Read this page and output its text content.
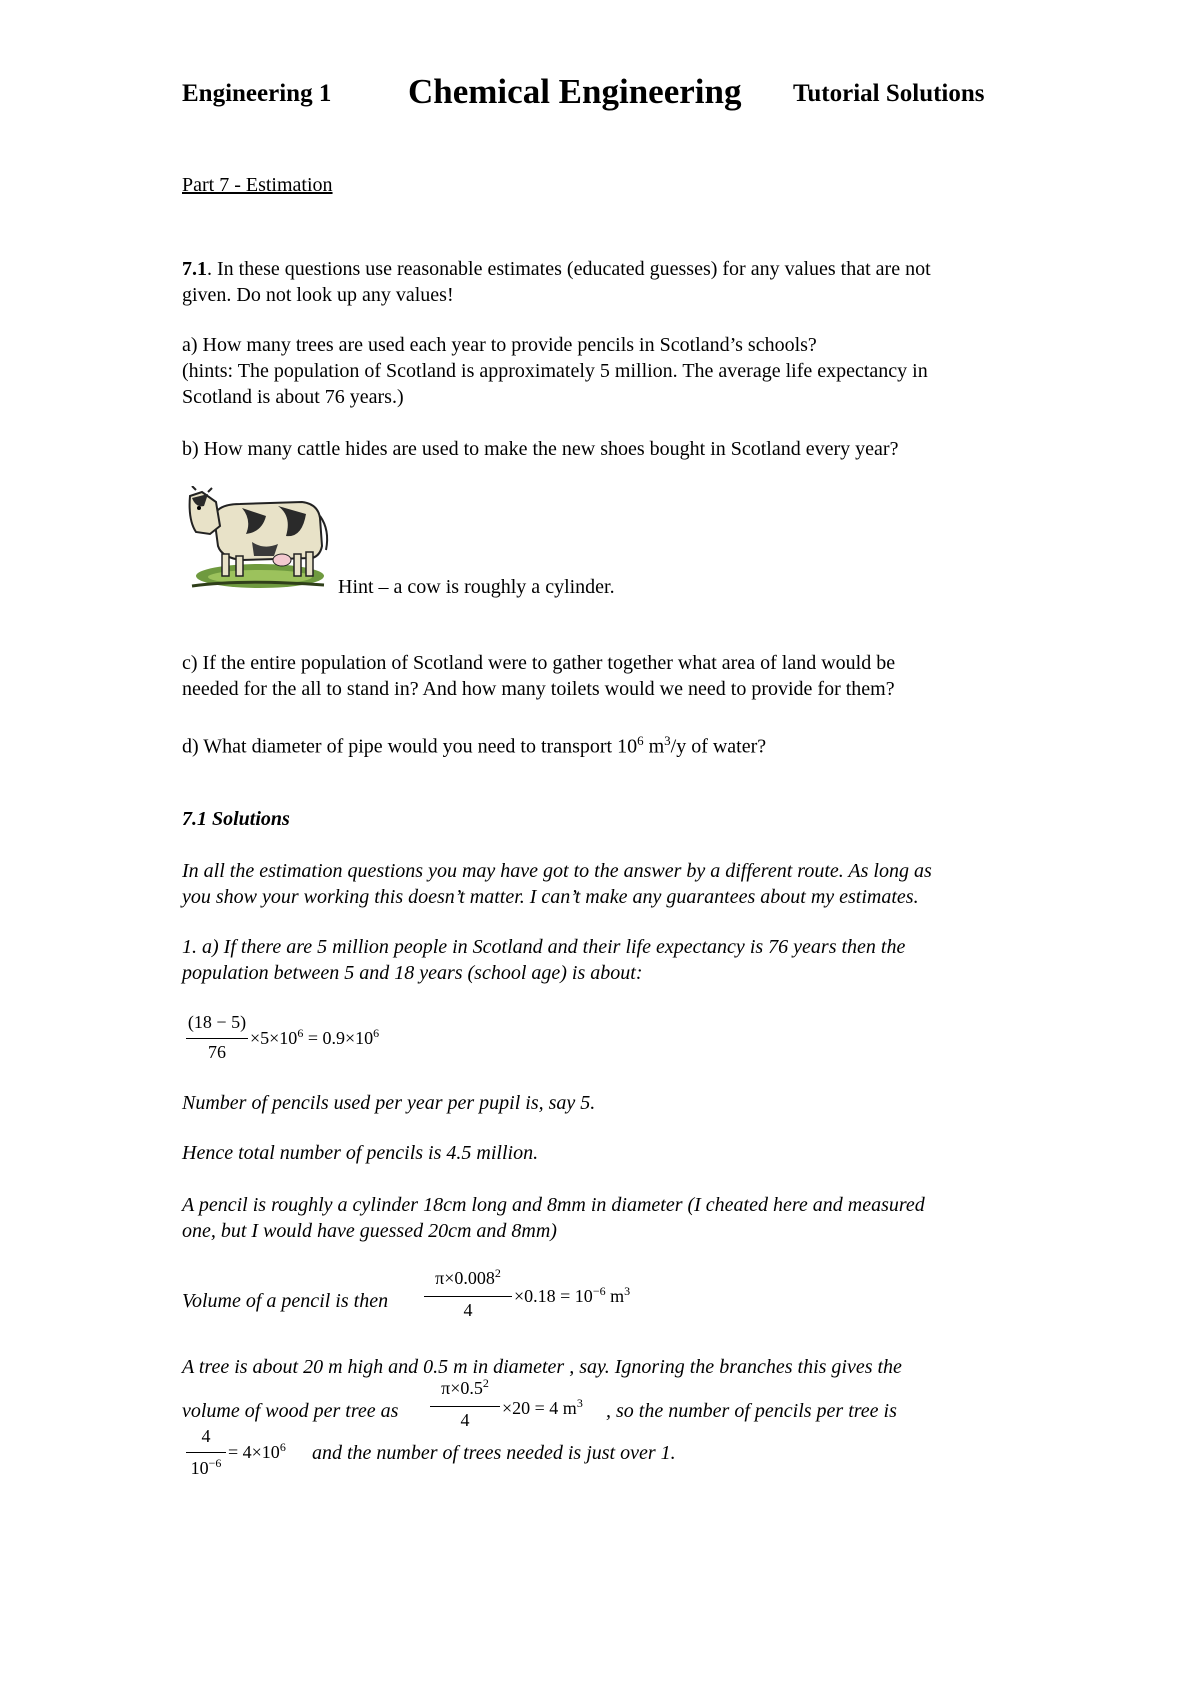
Engineering 1 Chemical Engineering Tutorial Solutions
Part 7 - Estimation
7.1. In these questions use reasonable estimates (educated guesses) for any values that are not
given. Do not look up any values!
a) How many trees are used each year to provide pencils in Scotland’s schools?
(hints: The population of Scotland is approximately 5 million. The average life expectancy in
Scotland is about 76 years.)
b) How many cattle hides are used to make the new shoes bought in Scotland every year?
Hint – a cow is roughly a cylinder.
c) If the entire population of Scotland were to gather together what area of land would be
needed for the all to stand in? And how many toilets would we need to provide for them?
d) What diameter of pipe would you need to transport $10^6$ $m^3/y$ of water?
7.1 Solutions
In all the estimation questions you may have got to the answer by a different route. As long as
you show your working this doesn’t matter. I can’t make any guarantees about my estimates.
1. a) If there are 5 million people in Scotland and their life expectancy is 76 years then the
population between 5 and 18 years (school age) is about:
(18 − 5)
76
$\times 5\times 10^6 = 0.9\times 10^6$
Number of pencils used per year per pupil is, say 5.
Hence total number of pencils is 4.5 million.
A pencil is roughly a cylinder 18cm long and 8mm in diameter (I cheated here and measured
one, but I would have guessed 20cm and 8mm)
Volume of a pencil is then
$\pi\times 0.008^2$
4
$\times 0.18 = 10^{-6}$ $m^3$
A tree is about 20 m high and 0.5 m in diameter , say. Ignoring the branches this gives the
volume of wood per tree as
$\pi\times 0.5^2$
4
×20 = 4 $m^3$ , so the number of pencils per tree is
4
$10^{-6}$
= $4\times 10^6$ and the number of trees needed is just over 1.
